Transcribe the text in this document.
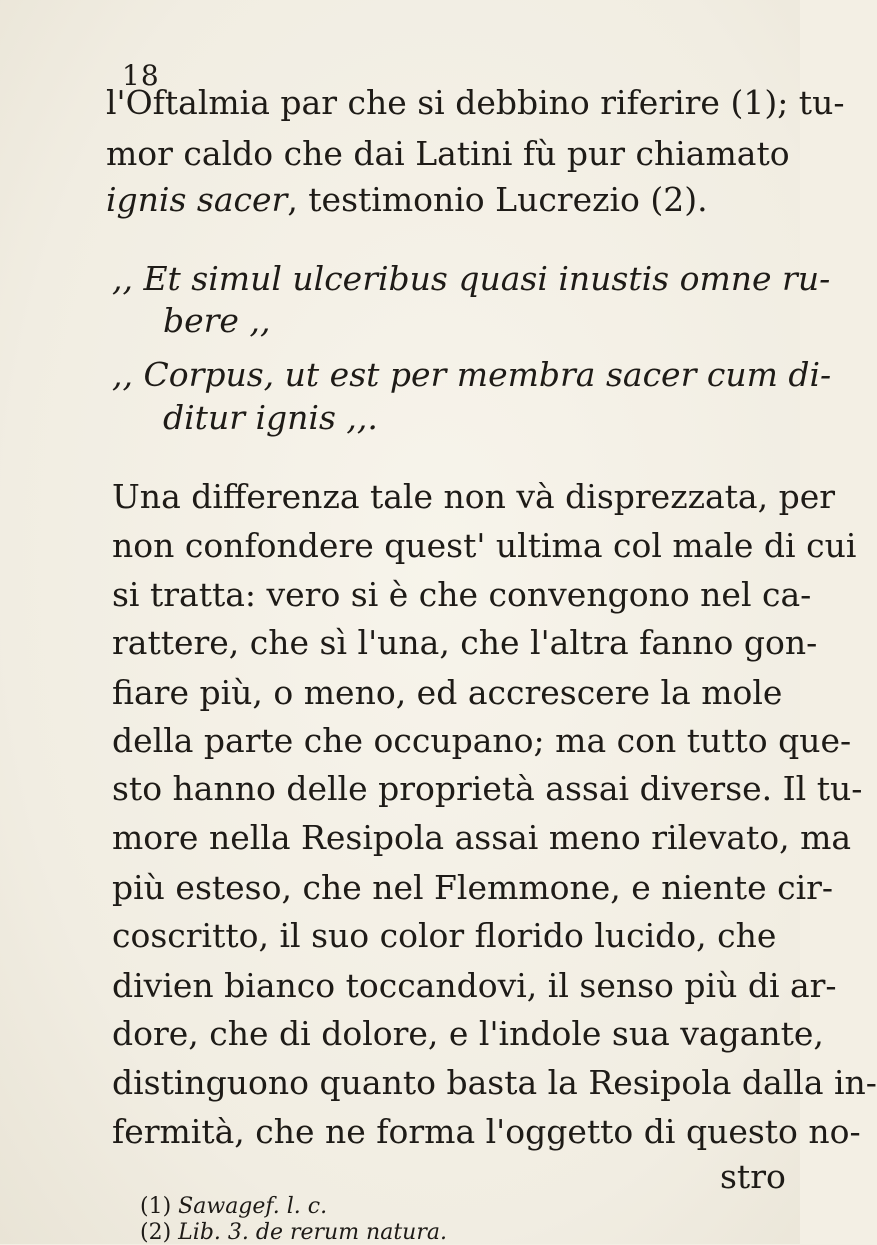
18
l'Oftalmia par che si debbino riferire (1); tu-
mor caldo che dai Latini fù pur chiamato
ignis sacer, testimonio Lucrezio (2).
,, Et simul ulceribus quasi inustis omne ru-
bere ,,
,, Corpus, ut est per membra sacer cum di-
ditur ignis ,,.
Una differenza tale non và disprezzata, per
non confondere quest' ultima col male di cui
si tratta: vero si è che convengono nel ca-
rattere, che sì l'una, che l'altra fanno gon-
fiare più, o meno, ed accrescere la mole
della parte che occupano; ma con tutto que-
sto hanno delle proprietà assai diverse. Il tu-
more nella Resipola assai meno rilevato, ma
più esteso, che nel Flemmone, e niente cir-
coscritto, il suo color florido lucido, che
divien bianco toccandovi, il senso più di ar-
dore, che di dolore, e l'indole sua vagante,
distinguono quanto basta la Resipola dalla in-
fermità, che ne forma l'oggetto di questo no-
stro
(1) Sawagef. l. c.
(2) Lib. 3. de rerum natura.
